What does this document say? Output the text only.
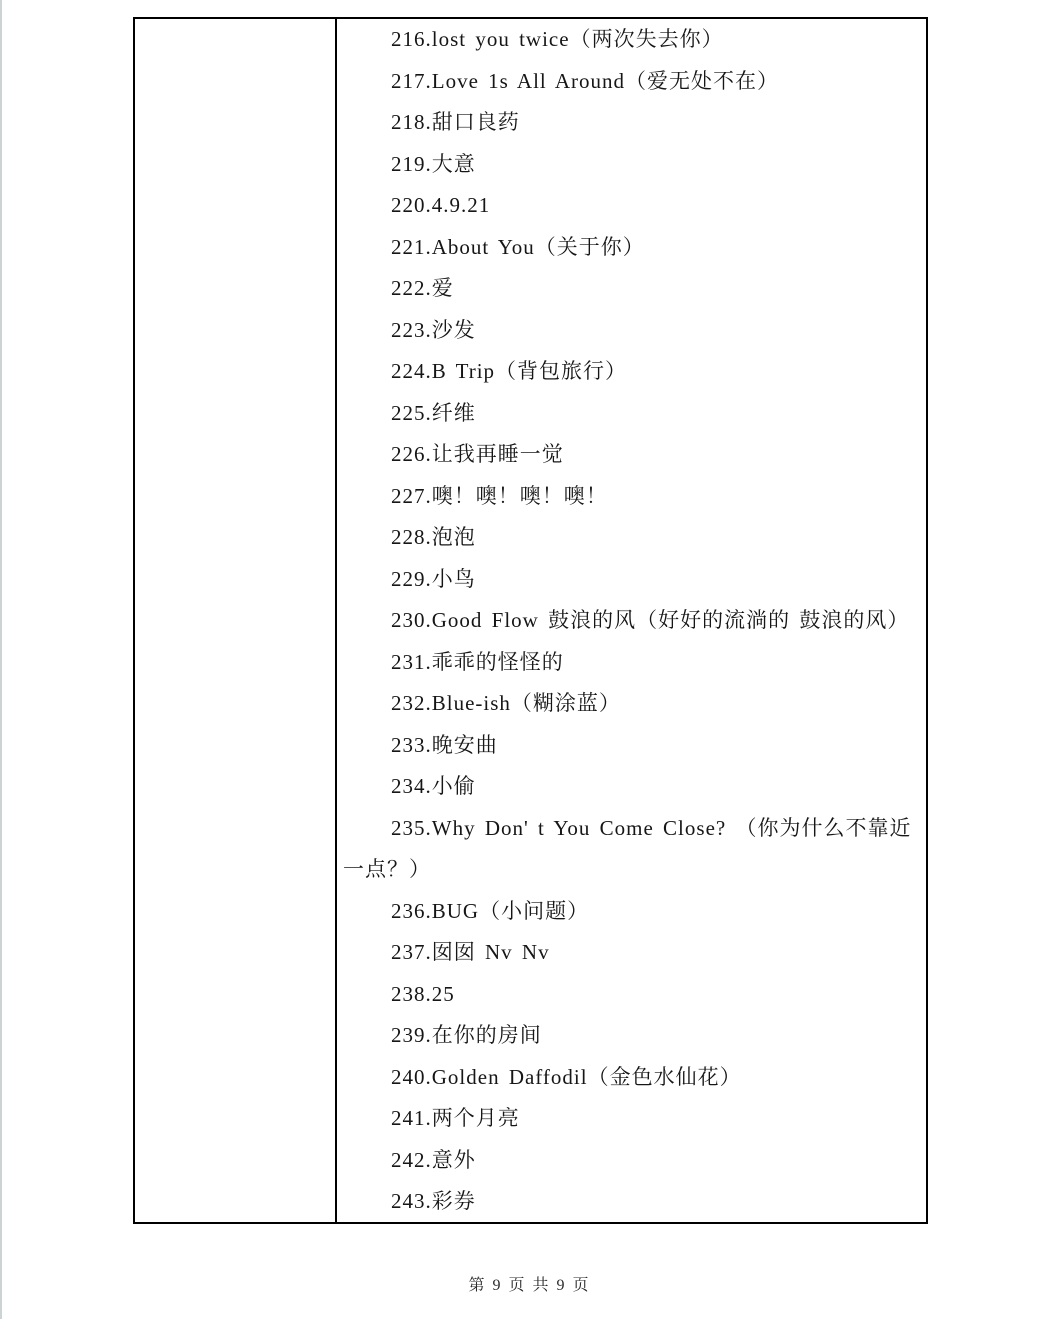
216.lost you twice（两次失去你）

217.Love 1s All Around（爱无处不在）

218.甜口良药

219.大意

220.4.9.21

221.About You（关于你）

222.爱

223.沙发

224.B Trip（背包旅行）

225.纤维

226.让我再睡一觉

227.噢！噢！噢！噢！

228.泡泡

229.小鸟

230.Good Flow 鼓浪的风（好好的流淌的 鼓浪的风）

231.乖乖的怪怪的

232.Blue-ish（糊涂蓝）

233.晚安曲

234.小偷

235.Why Don' t You Come Close? （你为什么不靠近一点？）

236.BUG（小问题）

237.囡囡 Nv Nv

238.25

239.在你的房间

240.Golden Daffodil（金色水仙花）

241.两个月亮

242.意外

243.彩券

第 9 页 共 9 页
